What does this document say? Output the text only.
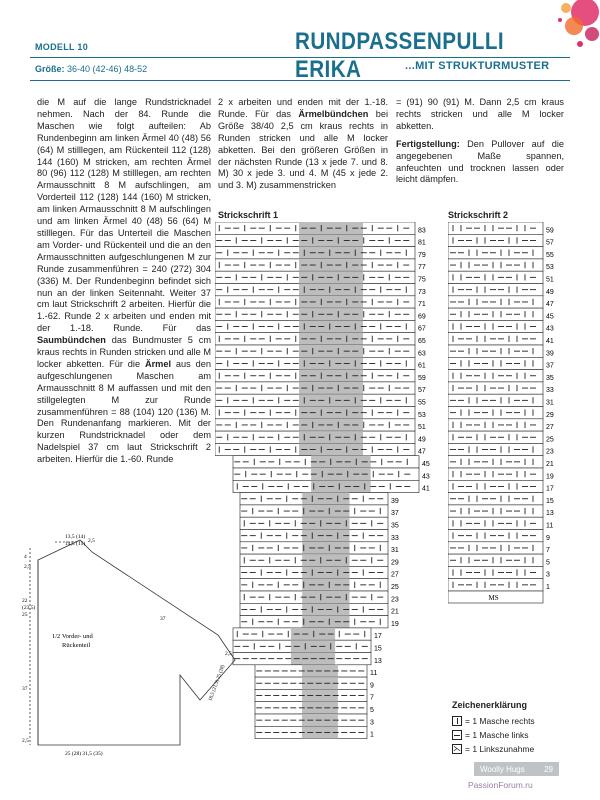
MODELL 10
Größe: 36-40 (42-46) 48-52
RUNDPASSENPULLI ERIKA	...MIT STRUKTURMUSTER

die M auf die lange Rundstricknadel nehmen. Nach der 84. Runde die Maschen wie folgt aufteilen: Ab Rundenbeginn am linken Ärmel 40 (48) 56 (64) M stilllegen, am Rückenteil 112 (128) 144 (160) M stricken, am rechten Ärmel 80 (96) 112 (128) M stilllegen, am rechten Armausschnitt 8 M aufschlingen, am Vorderteil 112 (128) 144 (160) M stricken, am linken Armausschnitt 8 M aufschlingen und am linken Ärmel 40 (48) 56 (64) M stilllegen. Für das Unterteil die Maschen am Vorder- und Rückenteil und die an den Armausschnitten aufgeschlungenen M zur Runde zusammenführen = 240 (272) 304 (336) M. Der Rundenbeginn befindet sich nun an der linken Seitennaht. Weiter 37 cm laut Strickschrift 2 arbeiten. Hierfür die 1.-62. Runde 2 x arbeiten und enden mit der 1.-18. Runde. Für das Saumbündchen das Bundmuster 5 cm kraus rechts in Runden stricken und alle M locker abketten. Für die Ärmel aus den aufgeschlungenen Maschen am Armausschnitt 8 M auffassen und mit den stillgelegten M zur Runde zusammenführen = 88 (104) 120 (136) M. Den Rundenanfang markieren. Mit der kurzen Rundstricknadel oder dem Nadelspiel 37 cm laut Strickschrift 2 arbeiten. Hierfür die 1.-60. Runde

2 x arbeiten und enden mit der 1.-18. Runde. Für das Ärmelbündchen bei Größe 38/40 2,5 cm kraus rechts in Runden stricken und alle M locker abketten. Bei den größeren Größen in der nächsten Runde (13 x jede 7. und 8. M) 30 x jede 3. und 4. M (45 x jede 2. und 3. M) zusammenstricken

= (91) 90 (91) M. Dann 2,5 cm kraus rechts stricken und alle M locker abketten.

Fertigstellung: Den Pullover auf die angegebenen Maße spannen, anfeuchten und trocknen lassen oder leicht dämpfen.

Strickschrift 1	Strickschrift 2
83
81
79
77
75
73
71
69
67
65
63
61
59
57
55
53
51
49
47
45
43
41
39
37
35
33
31
29
27
25
23
21
19
17
15
13
11
9
7
5
3
1
59
57
55
53
51
49
47
45
43
41
39
37
35
33
31
29
27
25
23
21
19
17
15
13
11
9
7
5
3
1
MS
13,5 (14)
14,5 (15) 2,5
4
2,5
22
(23,5)
25
37
2,5
18,5 (21,5) 25 (28)
37
2,5
25 (28) 31,5 (35)
1/2 Vorder- und
Rückenteil
Zeichenerklärung
= 1 Masche rechts
= 1 Masche links
⋋ = 1 Linkszunahme
Woolly Hugs 29
PassionForum.ru
